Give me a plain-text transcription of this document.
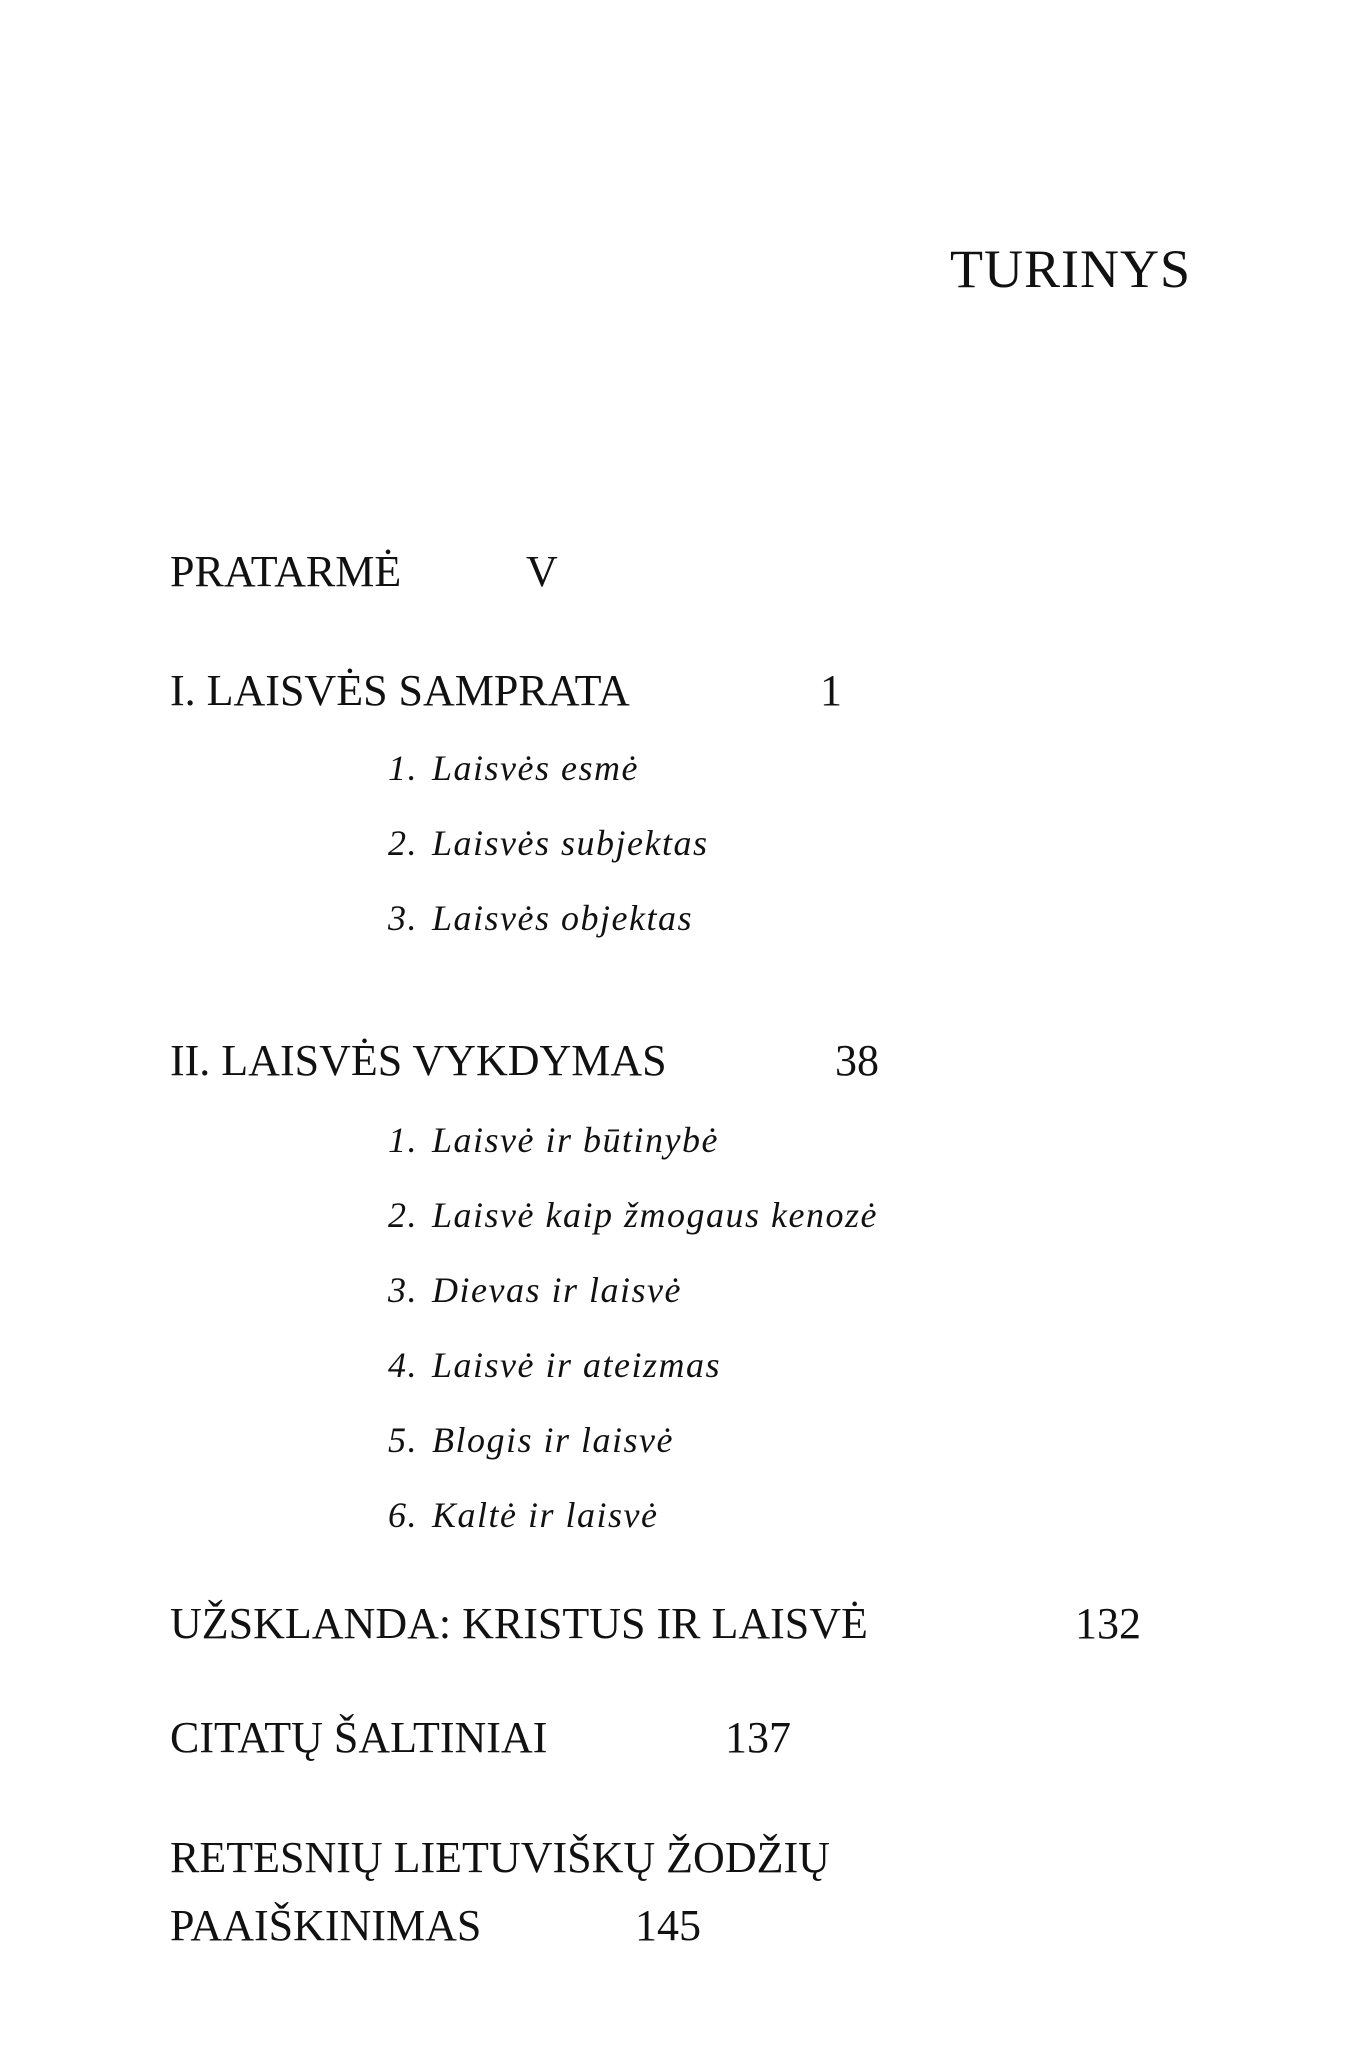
TURINYS
PRATARMĖ	V
I. LAISVĖS SAMPRATA	1
1. Laisvės esmė
2. Laisvės subjektas
3. Laisvės objektas
II. LAISVĖS VYKDYMAS	38
1. Laisvė ir būtinybė
2. Laisvė kaip žmogaus kenozė
3. Dievas ir laisvė
4. Laisvė ir ateizmas
5. Blogis ir laisvė
6. Kaltė ir laisvė
UŽSKLANDA: KRISTUS IR LAISVĖ	132
CITATŲ ŠALTINIAI	137
RETESNIŲ LIETUVIŠKŲ ŽODŽIŲ
PAAIŠKINIMAS	145
